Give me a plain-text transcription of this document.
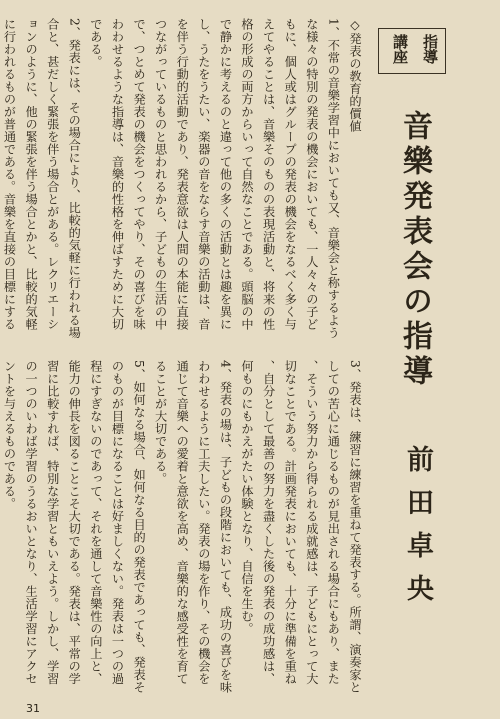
指導
講座
音樂発表会の指導
前田卓央
◇発表の教育的價値
1、不常の音樂学習中においても又、音樂会と称するような様々の特別の発表の機会においても、一人々々の子どもに、個人或はグループの発表の機会をなるべく多く与えてやることは、音樂そのものの表現活動と、将来の性格の形成の両方からいって自然なことである。頭脳の中で静かに考えるのと違って他の多くの活動とは趣を異にし、うたをうたい、楽器の音をならす音樂の活動は、音を伴う行動的活動であり、発表意欲は人間の本能に直接つながっているものと思われるから、子どもの生活の中で、つとめて発表の機会をつくってやり、その喜びを味わわせるような指導は、音樂的性格を伸ばすために大切である。
2、発表には、その場合により、比較的気軽に行われる場合と、甚だしく緊張を伴う場合とがある。レクリエーションのように、他の緊張を伴う場合とかと、比較的気軽に行われるものが普通である。音樂を直接の目標にする
3、発表は、練習に練習を重ねて発表する。所謂、演奏家としての苦心に通じるものが見出される場合にもあり、また、そういう努力から得られる成就感は、子どもにとって大切なことである。計画発表においても、十分に準備を重ね、自分として最善の努力を盡くした後の発表の成功感は、何ものにもかえがたい体験となり、自信を生む。
4、発表の場は、子どもの段階においても、成功の喜びを味わわせるように工夫したい。発表の場を作り、その機会を通じて音樂への愛着と意欲を高め、音樂的な感受性を育てることが大切である。
5、如何なる場合、如何なる目的の発表であっても、発表そのものが目標になることは好ましくない。発表は一つの過程にすぎないのであって、それを通して音樂性の向上と、能力の伸長を図ることこそ大切である。発表は、平常の学習に比較すれば、特別な学習ともいえよう。しかし、学習の一つのいわば学習のうるおいとなり、生活学習にアクセントを与えるものである。
31
